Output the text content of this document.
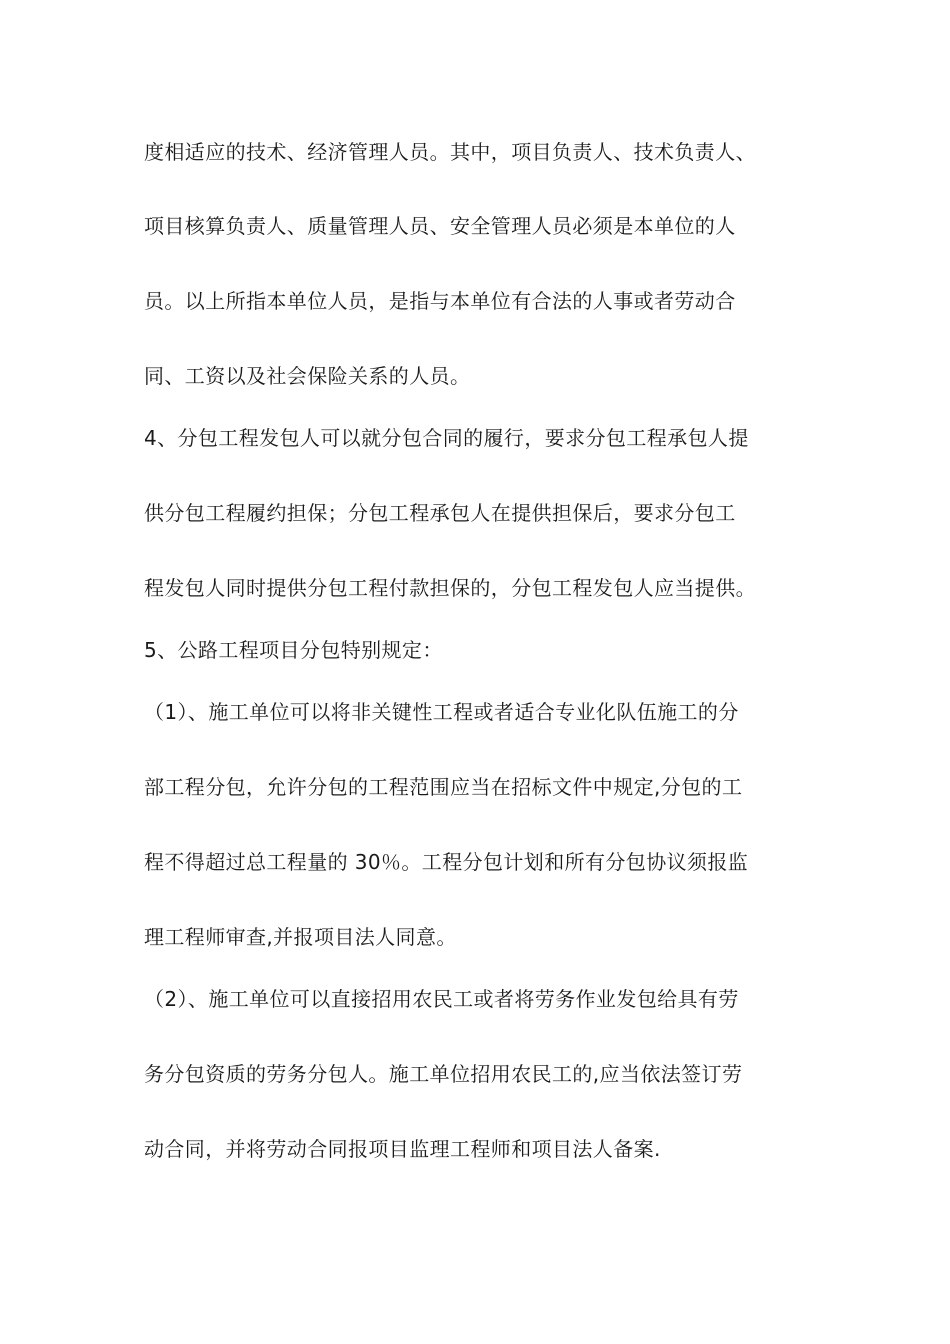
度相适应的技术、经济管理人员。其中，项目负责人、技术负责人、
项目核算负责人、质量管理人员、安全管理人员必须是本单位的人
员。以上所指本单位人员，是指与本单位有合法的人事或者劳动合
同、工资以及社会保险关系的人员。
4、分包工程发包人可以就分包合同的履行，要求分包工程承包人提
供分包工程履约担保；分包工程承包人在提供担保后，要求分包工
程发包人同时提供分包工程付款担保的，分包工程发包人应当提供。
5、公路工程项目分包特别规定：
（1）、施工单位可以将非关键性工程或者适合专业化队伍施工的分
部工程分包，允许分包的工程范围应当在招标文件中规定,分包的工
程不得超过总工程量的 30％。工程分包计划和所有分包协议须报监
理工程师审查,并报项目法人同意。
（2）、施工单位可以直接招用农民工或者将劳务作业发包给具有劳
务分包资质的劳务分包人。施工单位招用农民工的,应当依法签订劳
动合同，并将劳动合同报项目监理工程师和项目法人备案.
